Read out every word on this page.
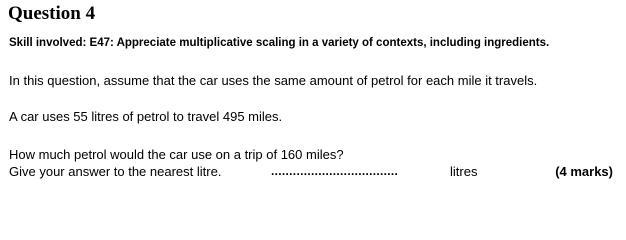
Question 4
Skill involved: E47: Appreciate multiplicative scaling in a variety of contexts, including ingredients.
In this question, assume that the car uses the same amount of petrol for each mile it travels.
A car uses 55 litres of petrol to travel 495 miles.
How much petrol would the car use on a trip of 160 miles?
Give your answer to the nearest litre.	...................................	litres	(4 marks)
